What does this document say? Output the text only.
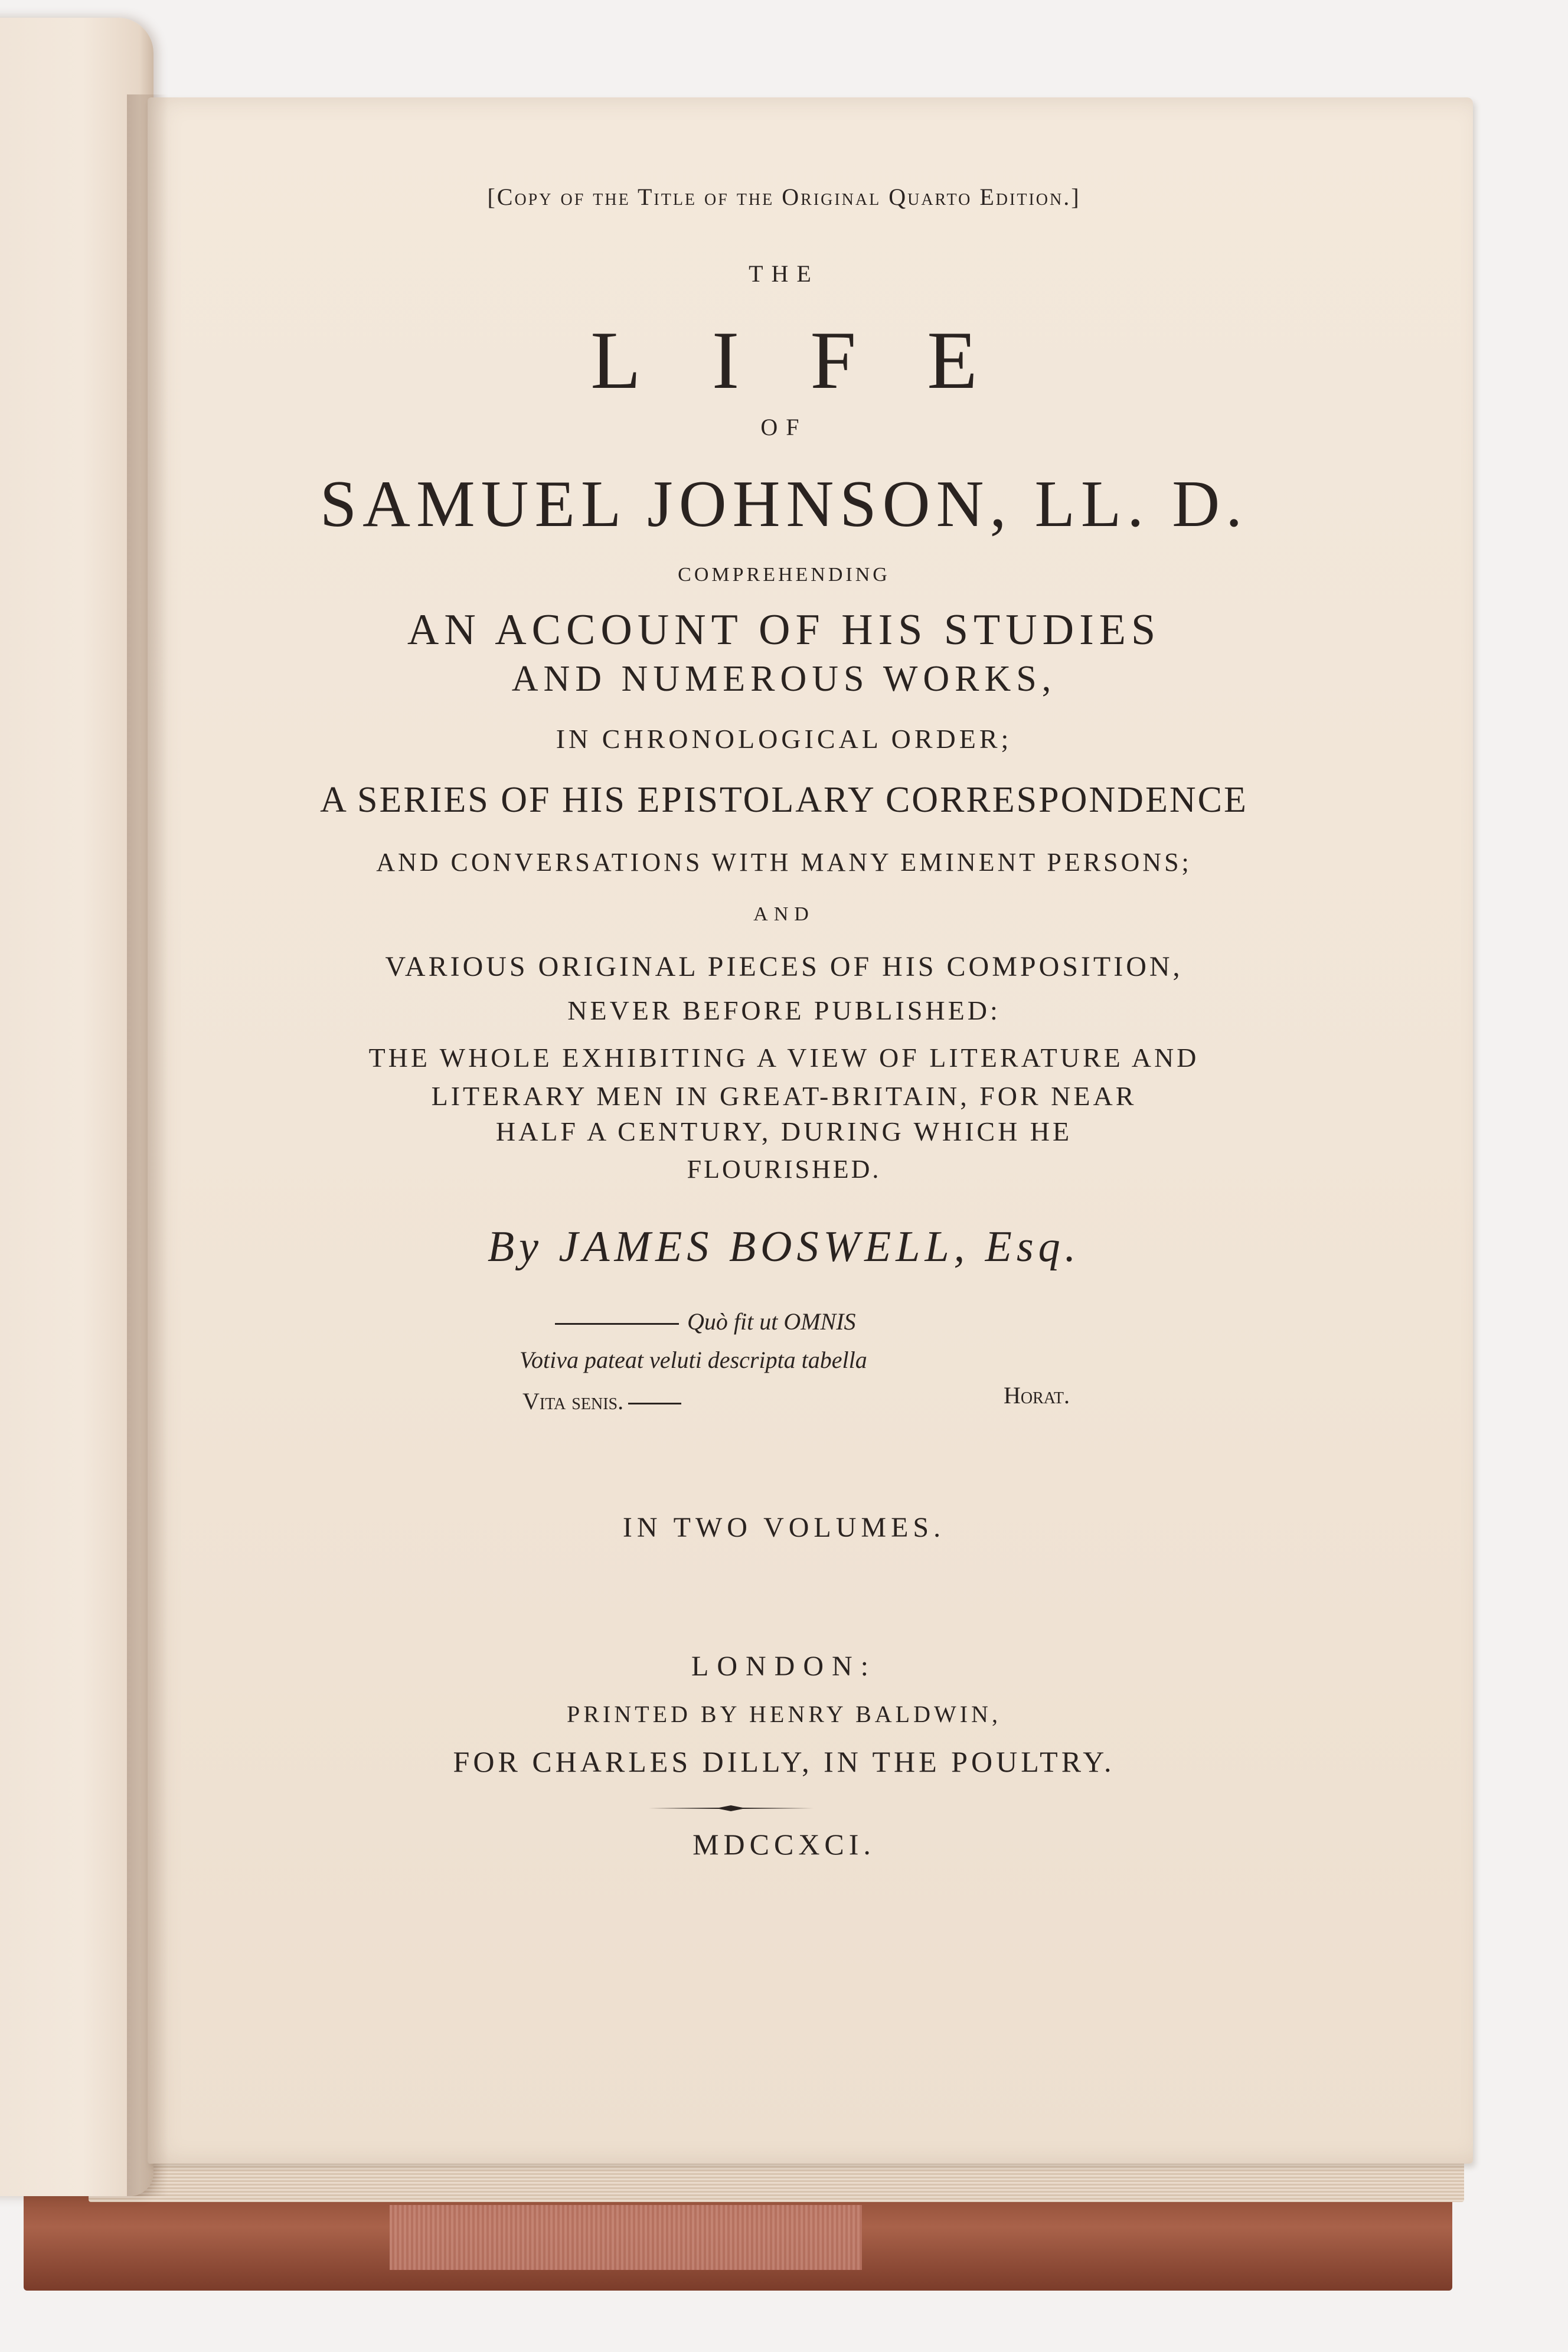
[Copy of the Title of the Original Quarto Edition.]
THE
LIFE
OF
SAMUEL JOHNSON, LL. D.
COMPREHENDING
AN ACCOUNT OF HIS STUDIES
AND NUMEROUS WORKS,
IN CHRONOLOGICAL ORDER;
A SERIES OF HIS EPISTOLARY CORRESPONDENCE
AND CONVERSATIONS WITH MANY EMINENT PERSONS;
AND
VARIOUS ORIGINAL PIECES OF HIS COMPOSITION,
NEVER BEFORE PUBLISHED:
THE WHOLE EXHIBITING A VIEW OF LITERATURE AND
LITERARY MEN IN GREAT-BRITAIN, FOR NEAR
HALF A CENTURY, DURING WHICH HE
FLOURISHED.
By JAMES BOSWELL, Esq.
Quò fit ut OMNIS
Votiva pateat veluti descripta tabella
Vita senis.	Horat.
IN TWO VOLUMES.
LONDON:
PRINTED BY HENRY BALDWIN,
FOR CHARLES DILLY, IN THE POULTRY.
MDCCXCI.
